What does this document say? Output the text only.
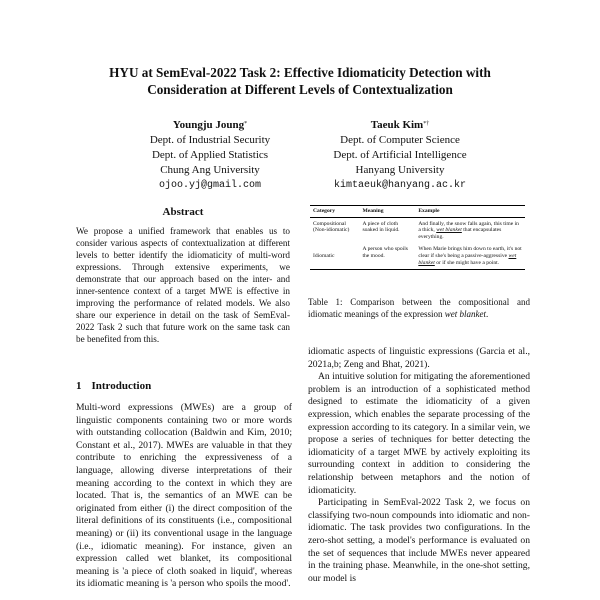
HYU at SemEval-2022 Task 2: Effective Idiomaticity Detection with
Consideration at Different Levels of Contextualization
Youngju Joung*
Dept. of Industrial Security
Dept. of Applied Statistics
Chung Ang University
ojoo.yj@gmail.com
Taeuk Kim*†
Dept. of Computer Science
Dept. of Artificial Intelligence
Hanyang University
kimtaeuk@hanyang.ac.kr
Abstract

We propose a unified framework that enables us to consider various aspects of contextualization at different levels to better identify the idiomaticity of multi-word expressions. Through extensive experiments, we demonstrate that our approach based on the inter- and inner-sentence context of a target MWE is effective in improving the performance of related models. We also share our experience in detail on the task of SemEval-2022 Task 2 such that future work on the same task can be benefited from this.

Category	Meaning	Example
Compositional (Non-idiomatic)	A piece of cloth soaked in liquid.	And finally, the snow falls again, this time in a thick, wet blanket that encapsulates everything.
Idiomatic	A person who spoils the mood.	When Marie brings him down to earth, it's not clear if she's being a passive-aggressive wet blanket or if she might have a point.
Table 1: Comparison between the compositional and idiomatic meanings of the expression wet blanket.
1 Introduction

Multi-word expressions (MWEs) are a group of linguistic components containing two or more words with outstanding collocation (Baldwin and Kim, 2010; Constant et al., 2017). MWEs are valuable in that they contribute to enriching the expressiveness of a language, allowing diverse interpretations of their meaning according to the context in which they are located. That is, the semantics of an MWE can be originated from either (i) the direct composition of the literal definitions of its constituents (i.e., compositional meaning) or (ii) its conventional usage in the language (i.e., idiomatic meaning). For instance, given an expression called wet blanket, its compositional meaning is 'a piece of cloth soaked in liquid', whereas its idiomatic meaning is 'a person who spoils the mood'.

idiomatic aspects of linguistic expressions (Garcia et al., 2021a,b; Zeng and Bhat, 2021).

An intuitive solution for mitigating the aforementioned problem is an introduction of a sophisticated method designed to estimate the idiomaticity of a given expression, which enables the separate processing of the expression according to its category. In a similar vein, we propose a series of techniques for better detecting the idiomaticity of a target MWE by actively exploiting its surrounding context in addition to considering the relationship between metaphors and the notion of idiomaticity.

Participating in SemEval-2022 Task 2, we focus on classifying two-noun compounds into idiomatic and non-idiomatic. The task provides two configurations. In the zero-shot setting, a model's performance is evaluated on the set of sequences that include MWEs never appeared in the training phase. Meanwhile, in the one-shot setting, our model is
